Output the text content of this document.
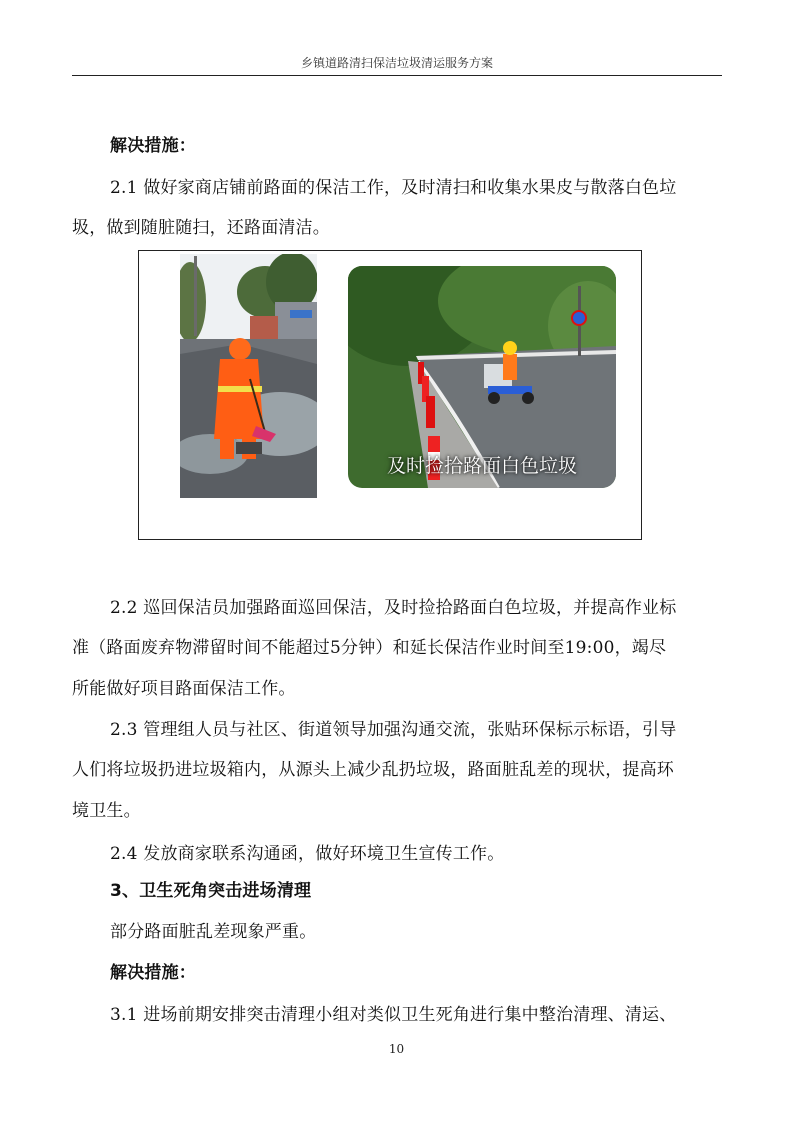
乡镇道路清扫保洁垃圾清运服务方案
解决措施：
2.1 做好家商店铺前路面的保洁工作，及时清扫和收集水果皮与散落白色垃
圾，做到随脏随扫，还路面清洁。
及时捡拾路面白色垃圾
2.2 巡回保洁员加强路面巡回保洁，及时捡拾路面白色垃圾，并提高作业标
准（路面废弃物滞留时间不能超过5分钟）和延长保洁作业时间至19:00，竭尽
所能做好项目路面保洁工作。
2.3 管理组人员与社区、街道领导加强沟通交流，张贴环保标示标语，引导
人们将垃圾扔进垃圾箱内，从源头上减少乱扔垃圾，路面脏乱差的现状，提高环
境卫生。
2.4 发放商家联系沟通函，做好环境卫生宣传工作。
3、卫生死角突击进场清理
部分路面脏乱差现象严重。
解决措施：
3.1 进场前期安排突击清理小组对类似卫生死角进行集中整治清理、清运、
10
